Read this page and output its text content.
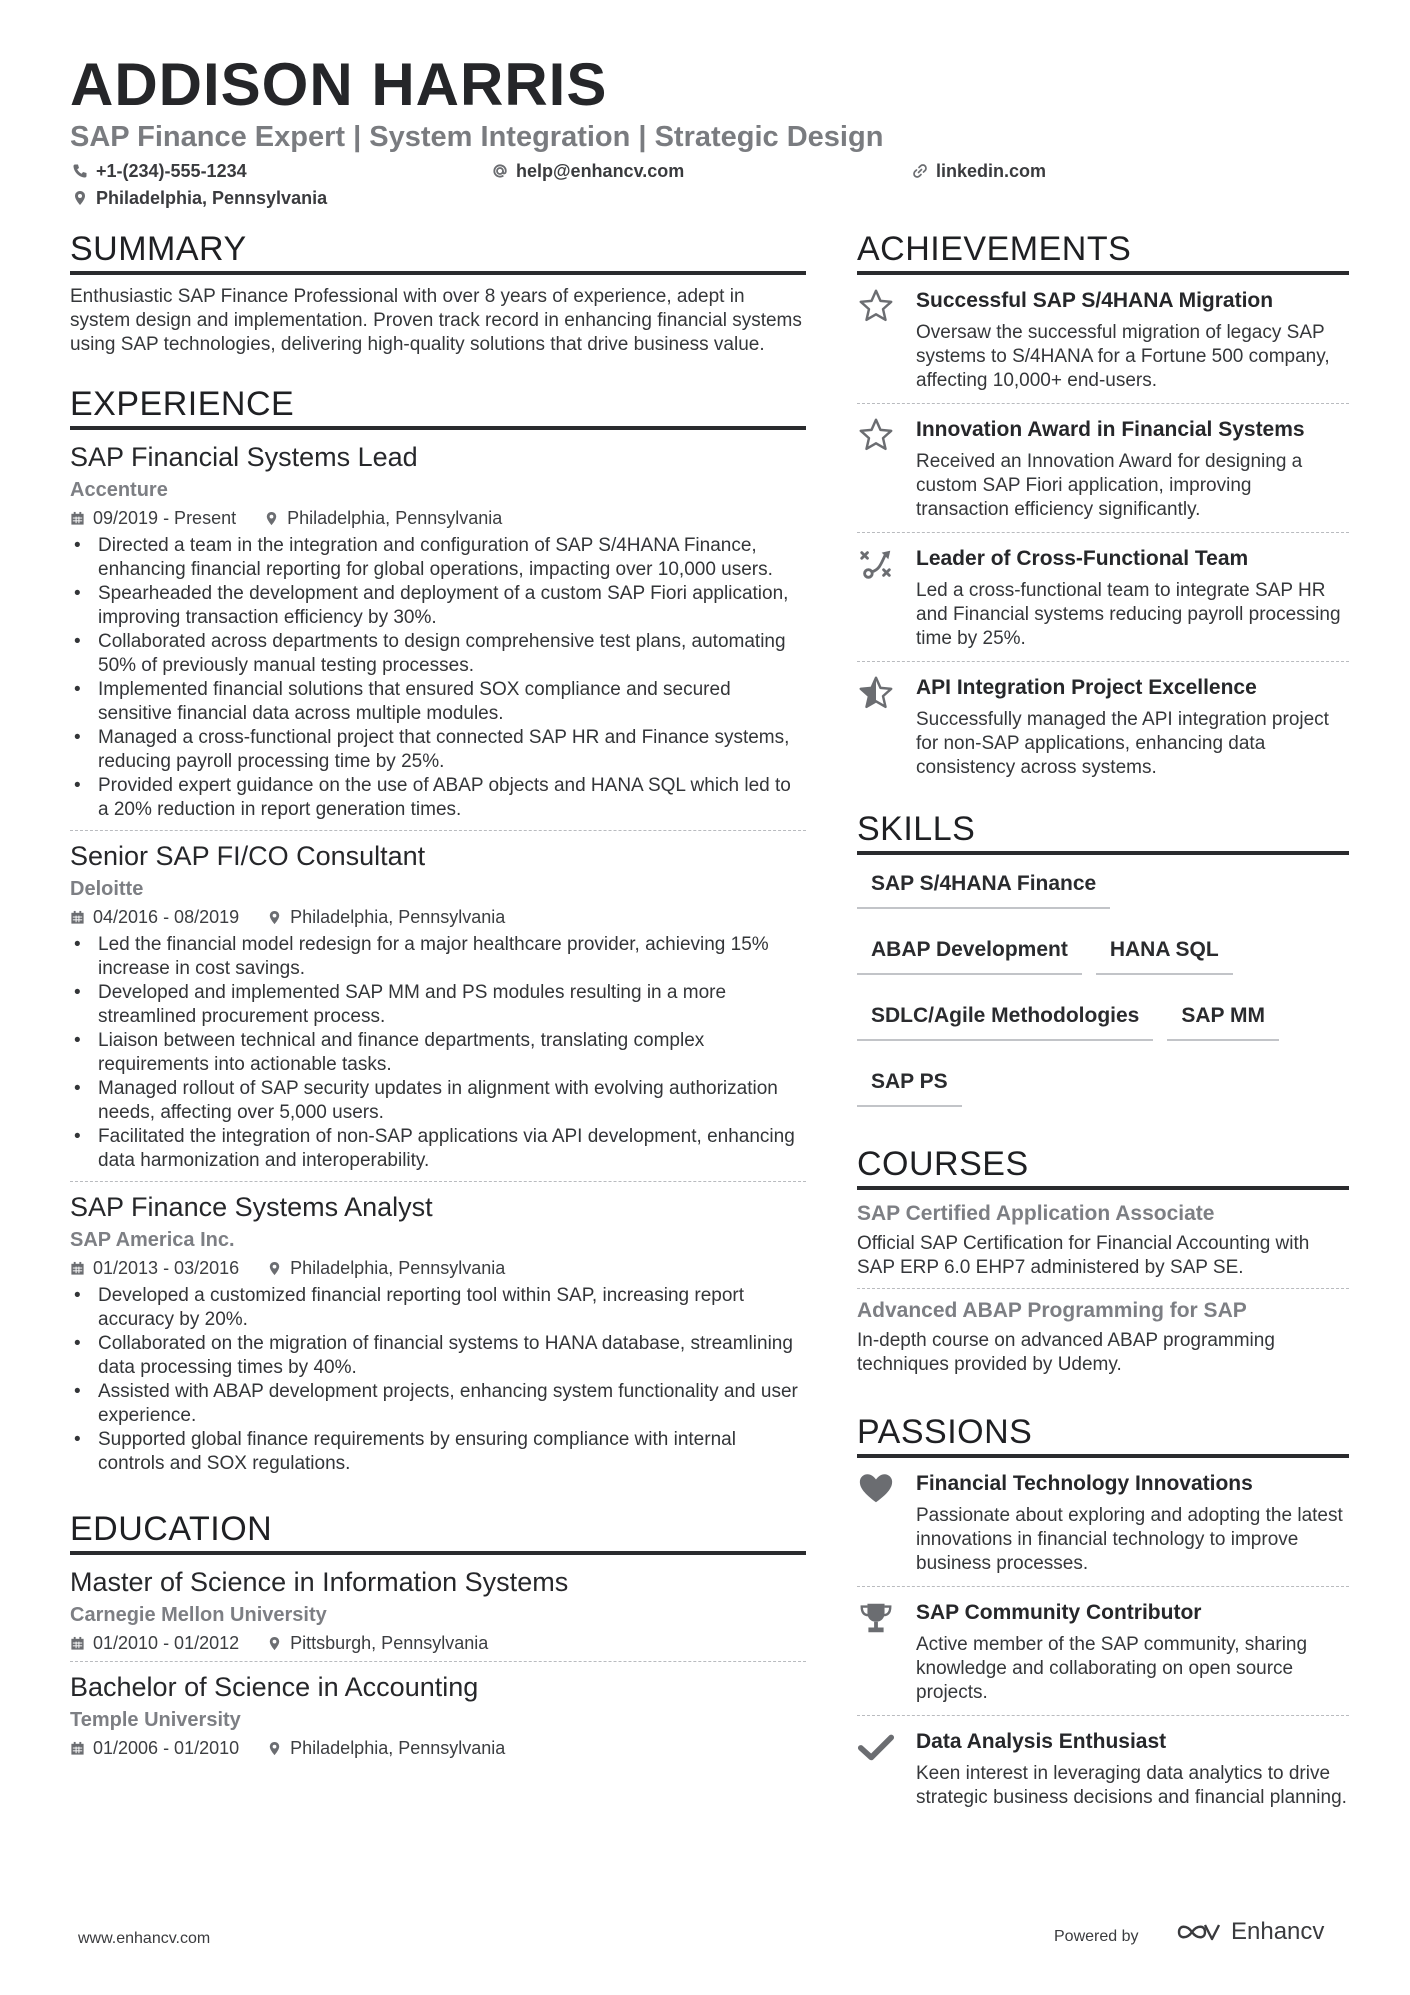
ADDISON HARRIS
SAP Finance Expert | System Integration | Strategic Design
+1-(234)-555-1234	help@enhancv.com	linkedin.com
Philadelphia, Pennsylvania
SUMMARY

Enthusiastic SAP Finance Professional with over 8 years of experience, adept in system design and implementation. Proven track record in enhancing financial systems using SAP technologies, delivering high-quality solutions that drive business value.

EXPERIENCE
SAP Financial Systems Lead
Accenture
09/2019 - Present	Philadelphia, Pennsylvania
• Directed a team in the integration and configuration of SAP S/4HANA Finance, enhancing financial reporting for global operations, impacting over 10,000 users.
• Spearheaded the development and deployment of a custom SAP Fiori application, improving transaction efficiency by 30%.
• Collaborated across departments to design comprehensive test plans, automating 50% of previously manual testing processes.
• Implemented financial solutions that ensured SOX compliance and secured sensitive financial data across multiple modules.
• Managed a cross-functional project that connected SAP HR and Finance systems, reducing payroll processing time by 25%.
• Provided expert guidance on the use of ABAP objects and HANA SQL which led to a 20% reduction in report generation times.
Senior SAP FI/CO Consultant
Deloitte
04/2016 - 08/2019	Philadelphia, Pennsylvania
• Led the financial model redesign for a major healthcare provider, achieving 15% increase in cost savings.
• Developed and implemented SAP MM and PS modules resulting in a more streamlined procurement process.
• Liaison between technical and finance departments, translating complex requirements into actionable tasks.
• Managed rollout of SAP security updates in alignment with evolving authorization needs, affecting over 5,000 users.
• Facilitated the integration of non-SAP applications via API development, enhancing data harmonization and interoperability.
SAP Finance Systems Analyst
SAP America Inc.
01/2013 - 03/2016	Philadelphia, Pennsylvania
• Developed a customized financial reporting tool within SAP, increasing report accuracy by 20%.
• Collaborated on the migration of financial systems to HANA database, streamlining data processing times by 40%.
• Assisted with ABAP development projects, enhancing system functionality and user experience.
• Supported global finance requirements by ensuring compliance with internal controls and SOX regulations.
EDUCATION
Master of Science in Information Systems
Carnegie Mellon University
01/2010 - 01/2012	Pittsburgh, Pennsylvania
Bachelor of Science in Accounting
Temple University
01/2006 - 01/2010	Philadelphia, Pennsylvania
ACHIEVEMENTS
Successful SAP S/4HANA Migration
Oversaw the successful migration of legacy SAP systems to S/4HANA for a Fortune 500 company, affecting 10,000+ end-users.
Innovation Award in Financial Systems
Received an Innovation Award for designing a custom SAP Fiori application, improving transaction efficiency significantly.
Leader of Cross-Functional Team
Led a cross-functional team to integrate SAP HR and Financial systems reducing payroll processing time by 25%.
API Integration Project Excellence
Successfully managed the API integration project for non-SAP applications, enhancing data consistency across systems.
SKILLS
SAP S/4HANA Finance
ABAP Development	HANA SQL
SDLC/Agile Methodologies	SAP MM
SAP PS
COURSES
SAP Certified Application Associate
Official SAP Certification for Financial Accounting with SAP ERP 6.0 EHP7 administered by SAP SE.
Advanced ABAP Programming for SAP
In-depth course on advanced ABAP programming techniques provided by Udemy.
PASSIONS
Financial Technology Innovations
Passionate about exploring and adopting the latest innovations in financial technology to improve business processes.
SAP Community Contributor
Active member of the SAP community, sharing knowledge and collaborating on open source projects.
Data Analysis Enthusiast
Keen interest in leveraging data analytics to drive strategic business decisions and financial planning.
www.enhancv.com	Powered by	Enhancv
